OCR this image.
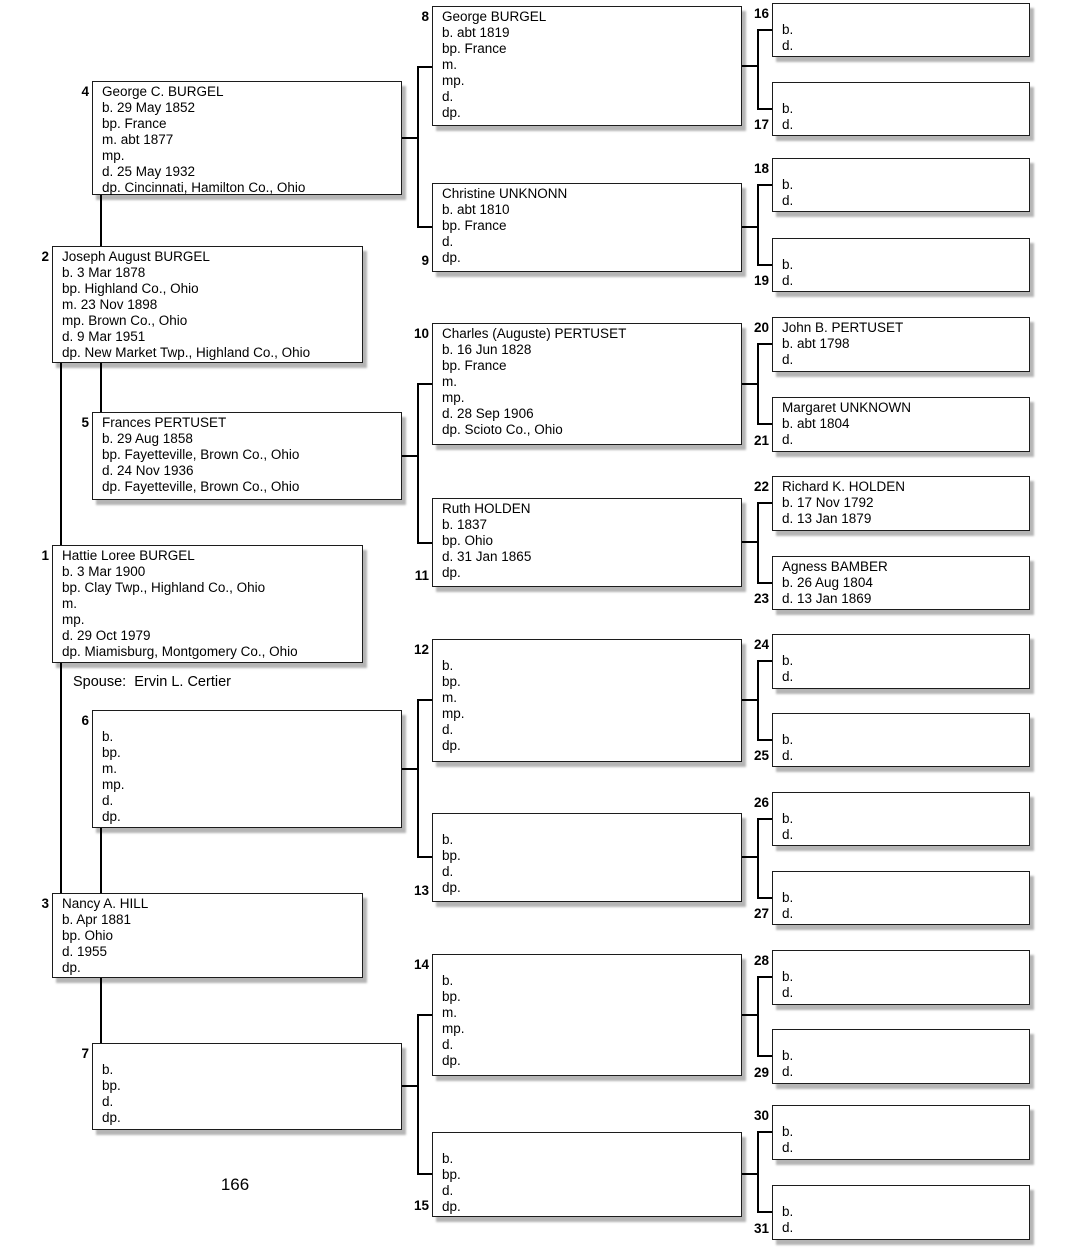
4 George C. BURGEL
b. 29 May 1852
bp. France
m. abt 1877
mp.
d. 25 May 1932
dp. Cincinnati, Hamilton Co., Ohio
2 Joseph August BURGEL
b. 3 Mar 1878
bp. Highland Co., Ohio
m. 23 Nov 1898
mp. Brown Co., Ohio
d. 9 Mar 1951
dp. New Market Twp., Highland Co., Ohio
5 Frances PERTUSET
b. 29 Aug 1858
bp. Fayetteville, Brown Co., Ohio
d. 24 Nov 1936
dp. Fayetteville, Brown Co., Ohio
1 Hattie Loree BURGEL
b. 3 Mar 1900
bp. Clay Twp., Highland Co., Ohio
m.
mp.
d. 29 Oct 1979
dp. Miamisburg, Montgomery Co., Ohio
Spouse:  Ervin L. Certier
6
b.
bp.
m.
mp.
d.
dp.
3 Nancy A. HILL
b. Apr 1881
bp. Ohio
d. 1955
dp.
7
b.
bp.
d.
dp.
8 George BURGEL
b. abt 1819
bp. France
m.
mp.
d.
dp.
9
Christine UNKNONN
b. abt 1810
bp. France
d.
dp.
10 Charles (Auguste) PERTUSET
b. 16 Jun 1828
bp. France
m.
mp.
d. 28 Sep 1906
dp. Scioto Co., Ohio
11
Ruth HOLDEN
b. 1837
bp. Ohio
d. 31 Jan 1865
dp.
12
b.
bp.
m.
mp.
d.
dp.
13
b.
bp.
d.
dp.
14
b.
bp.
m.
mp.
d.
dp.
15
b.
bp.
d.
dp.
16
b.
d.
17
b.
d.
18
b.
d.
19
b.
d.
20 John B. PERTUSET
b. abt 1798
d.
21
Margaret UNKNOWN
b. abt 1804
d.
22 Richard K. HOLDEN
b. 17 Nov 1792
d. 13 Jan 1879
23
Agness BAMBER
b. 26 Aug 1804
d. 13 Jan 1869
24
b.
d.
25
b.
d.
26
b.
d.
27
b.
d.
28
b.
d.
29
b.
d.
30
b.
d.
31
b.
d.
166
